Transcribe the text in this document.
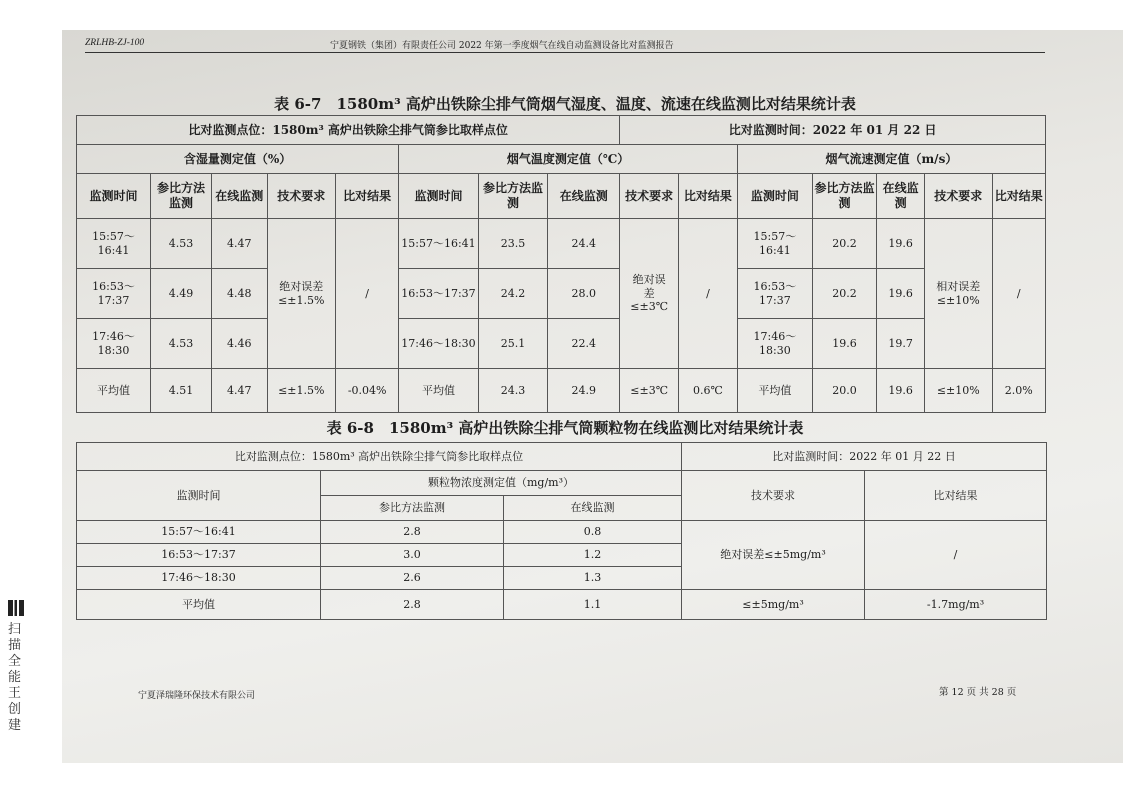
ZRLHB-ZJ-100	宁夏钢铁（集团）有限责任公司 2022 年第一季度烟气在线自动监测设备比对监测报告
表 6-7　1580m³ 高炉出铁除尘排气筒烟气湿度、温度、流速在线监测比对结果统计表
比对监测点位：1580m³ 高炉出铁除尘排气筒参比取样点位								比对监测时间：2022 年 01 月 22 日						
含湿量测定值（%）					烟气温度测定值（℃）					烟气流速测定值（m/s）				
监测时间	参比方法监测	在线监测	技术要求	比对结果	监测时间	参比方法监测	在线监测	技术要求	比对结果	监测时间	参比方法监测	在线监测	技术要求	比对结果
15:57～16:41	4.53	4.47	绝对误差≤±1.5%	/	15:57～16:41	23.5	24.4	绝对误差≤±3℃	/	15:57～16:41	20.2	19.6	相对误差≤±10%	/
16:53～17:37	4.49	4.48			16:53～17:37	24.2	28.0			16:53～17:37	20.2	19.6		
17:46～18:30	4.53	4.46			17:46～18:30	25.1	22.4			17:46～18:30	19.6	19.7		
平均值	4.51	4.47	≤±1.5%	-0.04%	平均值	24.3	24.9	≤±3℃	0.6℃	平均值	20.0	19.6	≤±10%	2.0%
表 6-8　1580m³ 高炉出铁除尘排气筒颗粒物在线监测比对结果统计表
比对监测点位：1580m³ 高炉出铁除尘排气筒参比取样点位			比对监测时间：2022 年 01 月 22 日	
监测时间	颗粒物浓度测定值（mg/m³）		技术要求	比对结果
	参比方法监测	在线监测		
15:57～16:41	2.8	0.8	绝对误差≤±5mg/m³	/
16:53～17:37	3.0	1.2		
17:46～18:30	2.6	1.3		
平均值	2.8	1.1	≤±5mg/m³	-1.7mg/m³
宁夏泽瑞隆环保技术有限公司	第 12 页 共 28 页
扫描全能王 创建
